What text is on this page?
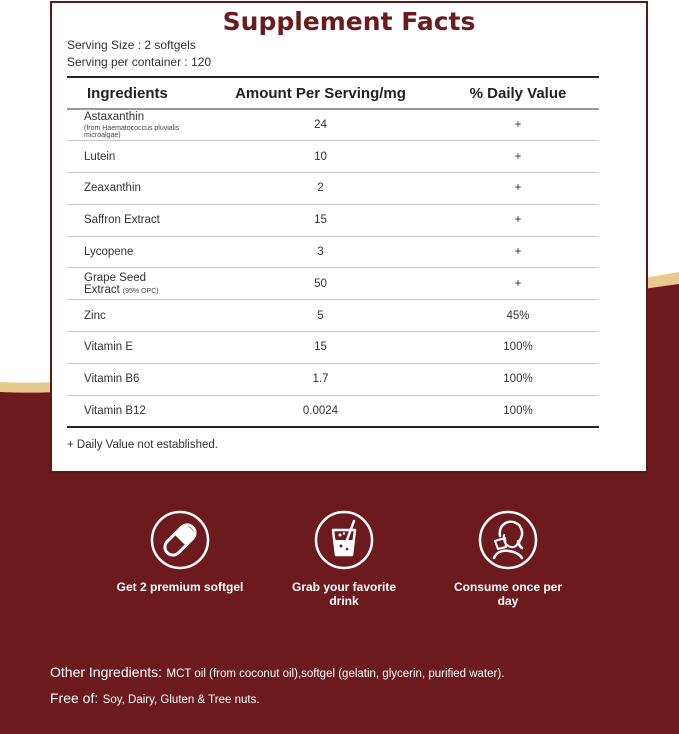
Supplement Facts
Serving Size : 2 softgels
Serving per container : 120
Ingredients	Amount Per Serving/mg	% Daily Value
Astaxanthin
(from Haematococcus pluvialis microalgae)	24	+
Lutein	10	+
Zeaxanthin	2	+
Saffron Extract	15	+
Lycopene	3	+
Grape Seed Extract (95% OPC)	50	+
Zinc	5	45%
Vitamin E	15	100%
Vitamin B6	1.7	100%
Vitamin B12	0.0024	100%
+ Daily Value not established.
Get 2 premium softgel	Grab your favorite drink
Consume once per day
Other Ingredients: MCT oil (from coconut oil),softgel (gelatin, glycerin, purified water).
Free of: Soy, Dairy, Gluten & Tree nuts.
